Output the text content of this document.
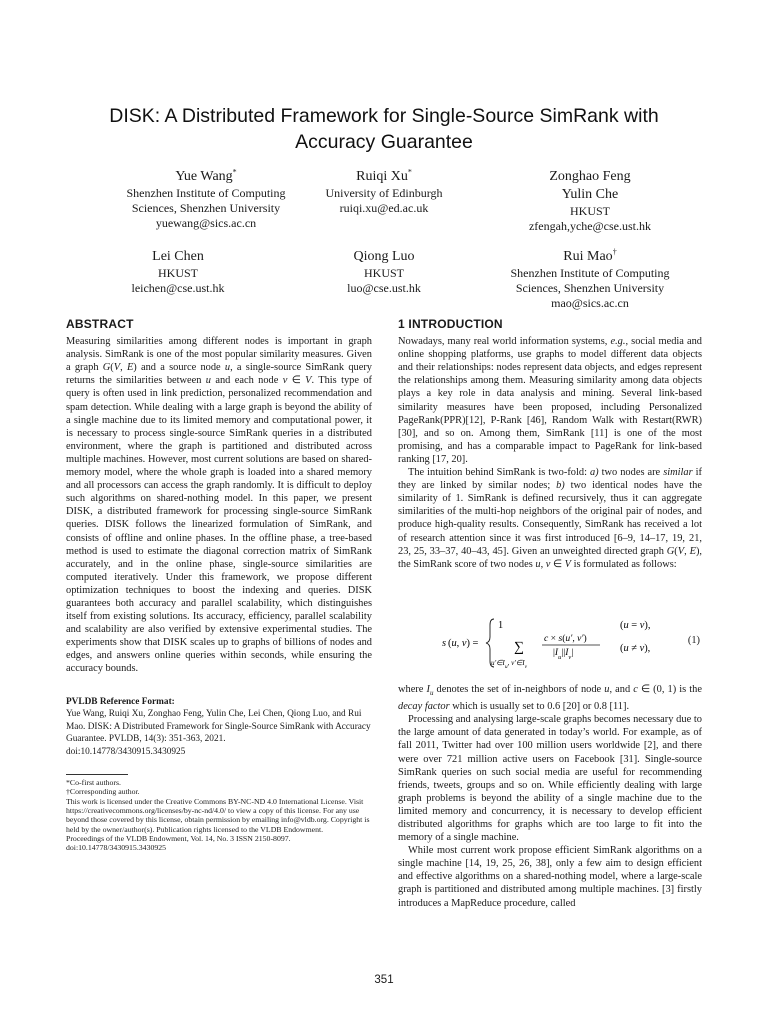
DISK: A Distributed Framework for Single-Source SimRank with
Accuracy Guarantee
Yue Wang*
Shenzhen Institute of Computing
Sciences, Shenzhen University
yuewang@sics.ac.cn
Ruiqi Xu*
University of Edinburgh
ruiqi.xu@ed.ac.uk
Zonghao Feng
Yulin Che
HKUST
zfengah,yche@cse.ust.hk
Lei Chen
HKUST
leichen@cse.ust.hk
Qiong Luo
HKUST
luo@cse.ust.hk
Rui Mao†
Shenzhen Institute of Computing
Sciences, Shenzhen University
mao@sics.ac.cn
ABSTRACT

Measuring similarities among different nodes is important in graph analysis. SimRank is one of the most popular similarity measures. Given a graph G(V, E) and a source node u, a single-source SimRank query returns the similarities between u and each node v ∈ V. This type of query is often used in link prediction, personalized recommendation and spam detection. While dealing with a large graph is beyond the ability of a single machine due to its limited memory and computational power, it is necessary to process single-source SimRank queries in a distributed environment, where the graph is partitioned and distributed across multiple machines. However, most current solutions are based on shared-memory model, where the whole graph is loaded into a shared memory and all processors can access the graph randomly. It is difficult to deploy such algorithms on shared-nothing model. In this paper, we present DISK, a distributed framework for processing single-source SimRank queries. DISK follows the linearized formulation of SimRank, and consists of offline and online phases. In the offline phase, a tree-based method is used to estimate the diagonal correction matrix of SimRank accurately, and in the online phase, single-source similarities are computed iteratively. Under this framework, we propose different optimization techniques to boost the indexing and queries. DISK guarantees both accuracy and parallel scalability, which distinguishes itself from existing solutions. Its accuracy, efficiency, parallel scalability and scalability are also verified by extensive experimental studies. The experiments show that DISK scales up to graphs of billions of nodes and edges, and answers online queries within seconds, while ensuring the accuracy bounds.

PVLDB Reference Format:

Yue Wang, Ruiqi Xu, Zonghao Feng, Yulin Che, Lei Chen, Qiong Luo, and Rui Mao. DISK: A Distributed Framework for Single-Source SimRank with Accuracy Guarantee. PVLDB, 14(3): 351-363, 2021.

doi:10.14778/3430915.3430925

*Co-first authors.

†Corresponding author.

This work is licensed under the Creative Commons BY-NC-ND 4.0 International License. Visit https://creativecommons.org/licenses/by-nc-nd/4.0/ to view a copy of this license. For any use beyond those covered by this license, obtain permission by emailing info@vldb.org. Copyright is held by the owner/author(s). Publication rights licensed to the VLDB Endowment.

Proceedings of the VLDB Endowment, Vol. 14, No. 3 ISSN 2150-8097.

doi:10.14778/3430915.3430925

1 INTRODUCTION

Nowadays, many real world information systems, e.g., social media and online shopping platforms, use graphs to model different data objects and their relationships: nodes represent data objects, and edges represent the relationships among them. Measuring similarity among data objects plays a key role in data analysis and mining. Several link-based similarity measures have been proposed, including Personalized PageRank(PPR)[12], P-Rank [46], Random Walk with Restart(RWR)[30], and so on. Among them, SimRank [11] is one of the most promising, and has a comparable impact to PageRank for link-based ranking [17, 20].

The intuition behind SimRank is two-fold: a) two nodes are similar if they are linked by similar nodes; b) two identical nodes have the similarity of 1. SimRank is defined recursively, thus it can aggregate similarities of the multi-hop neighbors of the original pair of nodes, and produce high-quality results. Consequently, SimRank has received a lot of research attention since it was first introduced [6–9, 14–17, 19, 21, 23, 25, 33–37, 40–43, 45]. Given an unweighted directed graph G(V, E), the SimRank score of two nodes u, v ∈ V is formulated as follows:

s (u, v) =
1
∑
$u'\in I_u$, $v'\in I_v$
c × s(u′, v′)
$|I_u||I_v|$
(u = v),
(u ≠ v),
(1)

where $I_u$ denotes the set of in-neighbors of node u, and c ∈ (0, 1) is the decay factor which is usually set to 0.6 [20] or 0.8 [11].

Processing and analysing large-scale graphs becomes necessary due to the large amount of data generated in today’s world. For example, as of fall 2011, Twitter had over 100 million users worldwide [2], and there were over 721 million active users on Facebook [31]. Single-source SimRank queries on such social media are useful for recommending friends, tweets, groups and so on. While efficiently dealing with large graph problems is beyond the ability of a single machine due to the limited memory and concurrency, it is necessary to develop efficient distributed algorithms for graphs which are too large to fit into the memory of a single machine.

While most current work propose efficient SimRank algorithms on a single machine [14, 19, 25, 26, 38], only a few aim to design efficient and effective algorithms on a shared-nothing model, where a large-scale graph is partitioned and distributed among multiple machines. [3] firstly introduces a MapReduce procedure, called

351
